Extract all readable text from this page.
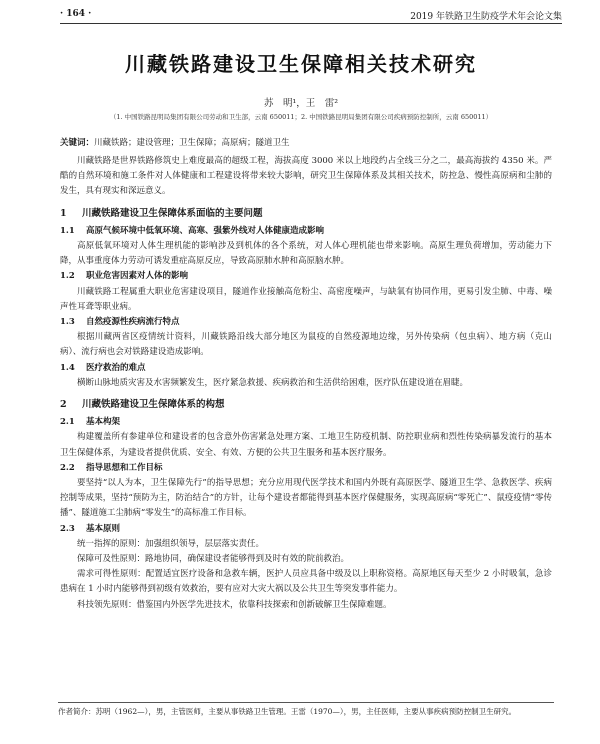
· 164 ·	2019 年铁路卫生防疫学术年会论文集
川藏铁路建设卫生保障相关技术研究
苏　明¹，王　雷²
（1. 中国铁路昆明局集团有限公司劳动和卫生部，云南 650011；2. 中国铁路昆明局集团有限公司疾病预防控制所，云南 650011）
关键词：川藏铁路；建设管理；卫生保障；高原病；隧道卫生

川藏铁路是世界铁路修筑史上难度最高的超级工程，海拔高度 3000 米以上地段约占全线三分之二，最高海拔约 4350 米。严酷的自然环境和施工条件对人体健康和工程建设将带来较大影响，研究卫生保障体系及其相关技术，防控急、慢性高原病和尘肺的发生，具有现实和深远意义。

1 川藏铁路建设卫生保障体系面临的主要问题
1.1 高原气候环境中低氧环境、高寒、强紫外线对人体健康造成影响

高原低氧环境对人体生理机能的影响涉及到机体的各个系统，对人体心理机能也带来影响。高原生理负荷增加，劳动能力下降，从事重度体力劳动可诱发重症高原反应，导致高原肺水肿和高原脑水肿。

1.2 职业危害因素对人体的影响

川藏铁路工程属重大职业危害建设项目，隧道作业接触高危粉尘、高密度噪声，与缺氧有协同作用，更易引发尘肺、中毒、噪声性耳聋等职业病。

1.3 自然疫源性疾病流行特点

根据川藏两省区疫情统计资料，川藏铁路沿线大部分地区为鼠疫的自然疫源地边缘，另外传染病（包虫病）、地方病（克山病）、流行病也会对铁路建设造成影响。

1.4 医疗救治的难点

横断山脉地质灾害及水害频繁发生，医疗紧急救援、疾病救治和生活供给困难，医疗队伍建设道在眉睫。

2 川藏铁路建设卫生保障体系的构想
2.1 基本构架

构建覆盖所有参建单位和建设者的包含意外伤害紧急处理方案、工地卫生防疫机制、防控职业病和烈性传染病暴发流行的基本卫生保健体系，为建设者提供优质、安全、有效、方便的公共卫生服务和基本医疗服务。

2.2 指导思想和工作目标

要坚持“以人为本，卫生保障先行”的指导思想；充分应用现代医学技术和国内外既有高原医学、隧道卫生学、急救医学、疾病控制等成果，坚持“预防为主，防治结合”的方针，让每个建设者都能得到基本医疗保健服务，实现高原病“零死亡”、鼠疫疫情“零传播”、隧道施工尘肺病“零发生”的高标准工作目标。

2.3 基本原则

统一指挥的原则：加强组织领导，层层落实责任。

保障可及性原则：路地协同，确保建设者能够得到及时有效的院前救治。

需求可得性原则：配置适宜医疗设备和急救车辆，医护人员应具备中级及以上职称资格。高原地区每天至少 2 小时吸氧，急诊患病在 1 小时内能够得到初级有效救治，要有应对大灾大祸以及公共卫生等突发事件能力。

科技领先原则：借鉴国内外医学先进技术，依靠科技探索和创新破解卫生保障难题。

作者简介：苏明（1962—），男，主管医师，主要从事铁路卫生管理。王雷（1970—），男，主任医师，主要从事疾病预防控制卫生研究。
